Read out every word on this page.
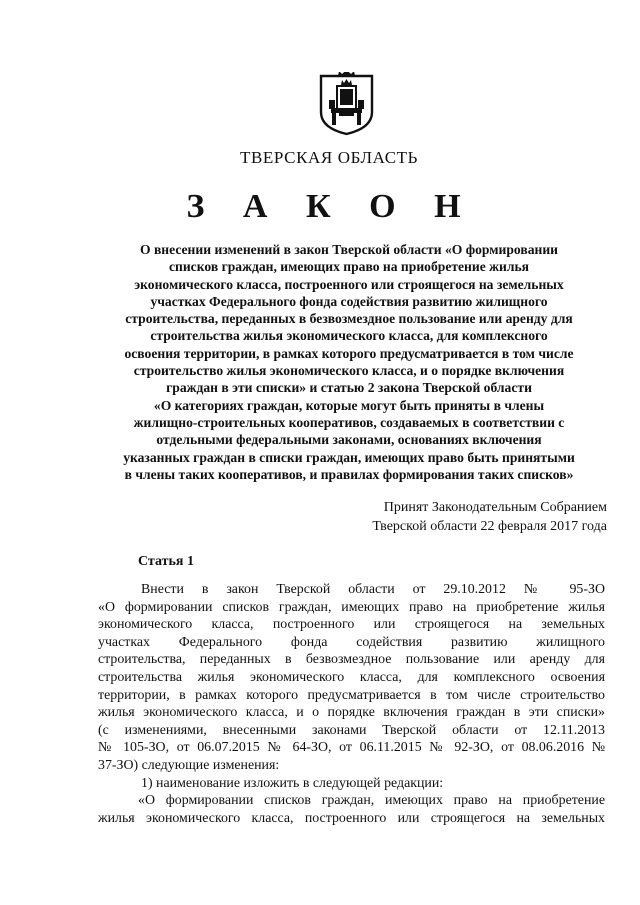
ТВЕРСКАЯ ОБЛАСТЬ
З А К О Н

О внесении изменений в закон Тверской области «О формировании
списков граждан, имеющих право на приобретение жилья
экономического класса, построенного или строящегося на земельных
участках Федерального фонда содействия развитию жилищного
строительства, переданных в безвозмездное пользование или аренду для
строительства жилья экономического класса, для комплексного
освоения территории, в рамках которого предусматривается в том числе
строительство жилья экономического класса, и о порядке включения
граждан в эти списки» и статью 2 закона Тверской области
«О категориях граждан, которые могут быть приняты в члены
жилищно-строительных кооперативов, создаваемых в соответствии с
отдельными федеральными законами, основаниях включения
указанных граждан в списки граждан, имеющих право быть принятыми
в члены таких кооперативов, и правилах формирования таких списков»

Принят Законодательным Собранием
Тверской области 22 февраля 2017 года
Статья 1
Внести в закон Тверской области от 29.10.2012 № 95-ЗО
«О формировании списков граждан, имеющих право на приобретение жилья
экономического класса, построенного или строящегося на земельных
участках Федерального фонда содействия развитию жилищного
строительства, переданных в безвозмездное пользование или аренду для
строительства жилья экономического класса, для комплексного освоения
территории, в рамках которого предусматривается в том числе строительство
жилья экономического класса, и о порядке включения граждан в эти списки»
(с изменениями, внесенными законами Тверской области от 12.11.2013
№ 105-ЗО, от 06.07.2015 № 64-ЗО, от 06.11.2015 № 92-ЗО, от 08.06.2016 №
37-ЗО) следующие изменения:
1) наименование изложить в следующей редакции:
«О формировании списков граждан, имеющих право на приобретение
жилья экономического класса, построенного или строящегося на земельных
